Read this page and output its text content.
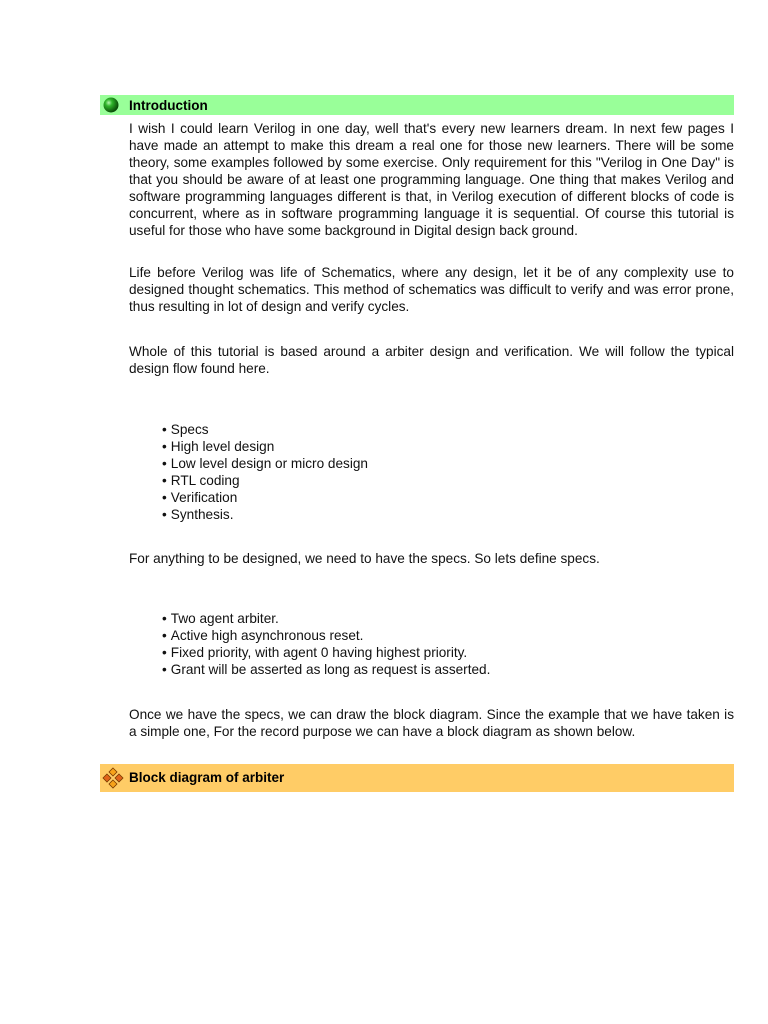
Introduction

I wish I could learn Verilog in one day, well that's every new learners dream. In next few pages I have made an attempt to make this dream a real one for those new learners. There will be some theory, some examples followed by some exercise. Only requirement for this "Verilog in One Day" is that you should be aware of at least one programming language. One thing that makes Verilog and software programming languages different is that, in Verilog execution of different blocks of code is concurrent, where as in software programming language it is sequential. Of course this tutorial is useful for those who have some background in Digital design back ground.

Life before Verilog was life of Schematics, where any design, let it be of any complexity use to designed thought schematics. This method of schematics was difficult to verify and was error prone, thus resulting in lot of design and verify cycles.

Whole of this tutorial is based around a arbiter design and verification. We will follow the typical design flow found here.

• Specs
• High level design
• Low level design or micro design
• RTL coding
• Verification
• Synthesis.

For anything to be designed, we need to have the specs. So lets define specs.

• Two agent arbiter.
• Active high asynchronous reset.
• Fixed priority, with agent 0 having highest priority.
• Grant will be asserted as long as request is asserted.

Once we have the specs, we can draw the block diagram. Since the example that we have taken is a simple one, For the record purpose we can have a block diagram as shown below.

Block diagram of arbiter
